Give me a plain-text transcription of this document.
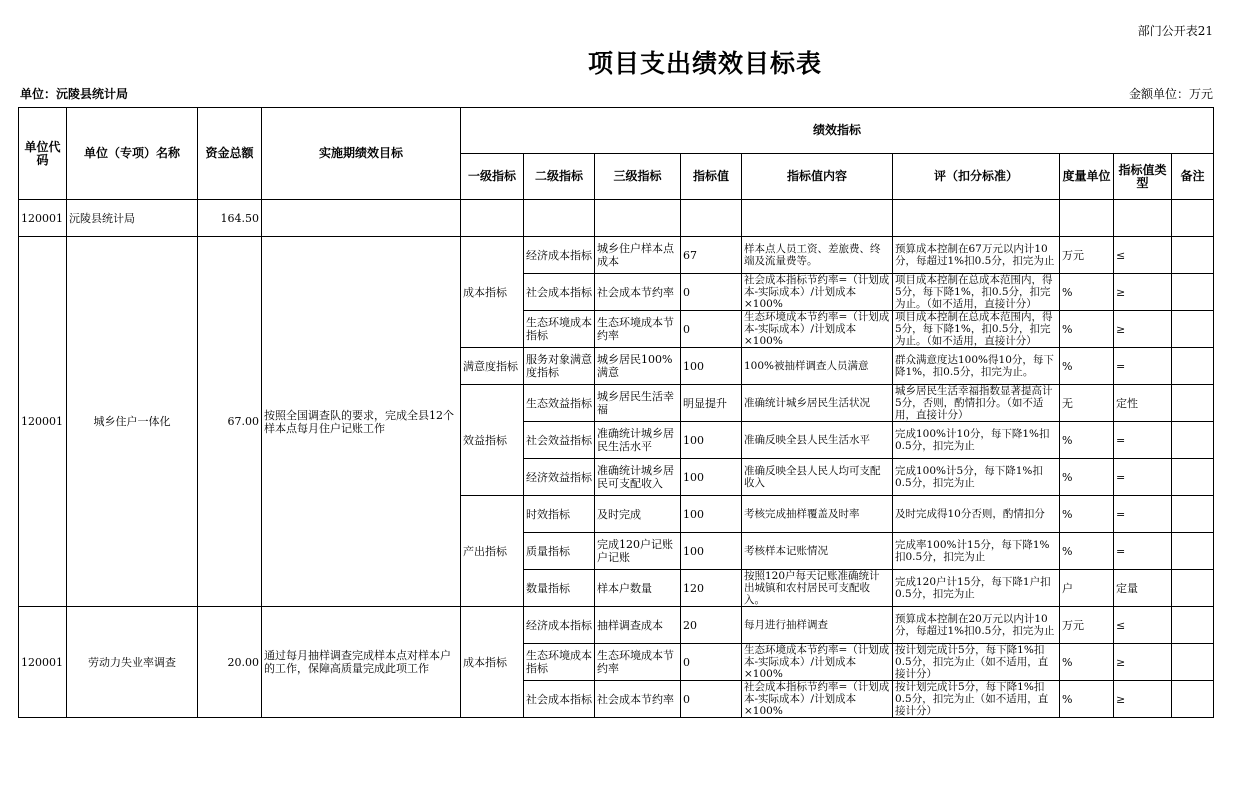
部门公开表21
项目支出绩效目标表
单位：沅陵县统计局	金额单位：万元
单位代码	单位（专项）名称	资金总额	实施期绩效目标	绩效指标								
				一级指标	二级指标	三级指标	指标值	指标值内容	评（扣分标准）	度量单位	指标值类型	备注
120001	沅陵县统计局	164.50										
120001	城乡住户一体化	67.00	按照全国调查队的要求，完成全县12个样本点每月住户记账工作	成本指标	经济成本指标	城乡住户样本点成本	67	样本点人员工资、差旅费、终端及流量费等。	预算成本控制在67万元以内计10分，每超过1%扣0.5分，扣完为止	万元	≤	
					社会成本指标	社会成本节约率	0	社会成本指标节约率=（计划成本-实际成本）/计划成本×100%	项目成本控制在总成本范围内，得5分，每下降1%，扣0.5分，扣完为止。（如不适用，直接计分）	%	≥	
					生态环境成本指标	生态环境成本节约率	0	生态环境成本节约率=（计划成本-实际成本）/计划成本×100%	项目成本控制在总成本范围内，得5分，每下降1%，扣0.5分，扣完为止。（如不适用，直接计分）	%	≥	
				满意度指标	服务对象满意度指标	城乡居民100%满意	100	100%被抽样调查人员满意	群众满意度达100%得10分，每下降1%，扣0.5分，扣完为止。	%	=	
				效益指标	生态效益指标	城乡居民生活幸福	明显提升	准确统计城乡居民生活状况	城乡居民生活幸福指数显著提高计5分，否则，酌情扣分。（如不适用，直接计分）	无	定性	
					社会效益指标	准确统计城乡居民生活水平	100	准确反映全县人民生活水平	完成100%计10分，每下降1%扣0.5分，扣完为止	%	=	
					经济效益指标	准确统计城乡居民可支配收入	100	准确反映全县人民人均可支配收入	完成100%计5分，每下降1%扣0.5分，扣完为止	%	=	
				产出指标	时效指标	及时完成	100	考核完成抽样覆盖及时率	及时完成得10分否则，酌情扣分	%	=	
					质量指标	完成120户记账户记账	100	考核样本记账情况	完成率100%计15分，每下降1%扣0.5分，扣完为止	%	=	
					数量指标	样本户数量	120	按照120户每天记账准确统计出城镇和农村居民可支配收入。	完成120户计15分，每下降1户扣0.5分，扣完为止	户	定量	
120001	劳动力失业率调查	20.00	通过每月抽样调查完成样本点对样本户的工作，保障高质量完成此项工作	成本指标	经济成本指标	抽样调查成本	20	每月进行抽样调查	预算成本控制在20万元以内计10分，每超过1%扣0.5分，扣完为止	万元	≤	
					生态环境成本指标	生态环境成本节约率	0	生态环境成本节约率=（计划成本-实际成本）/计划成本×100%	按计划完成计5分，每下降1%扣0.5分，扣完为止（如不适用，直接计分）	%	≥	
					社会成本指标	社会成本节约率	0	社会成本指标节约率=（计划成本-实际成本）/计划成本×100%	按计划完成计5分，每下降1%扣0.5分，扣完为止（如不适用，直接计分）	%	≥	
